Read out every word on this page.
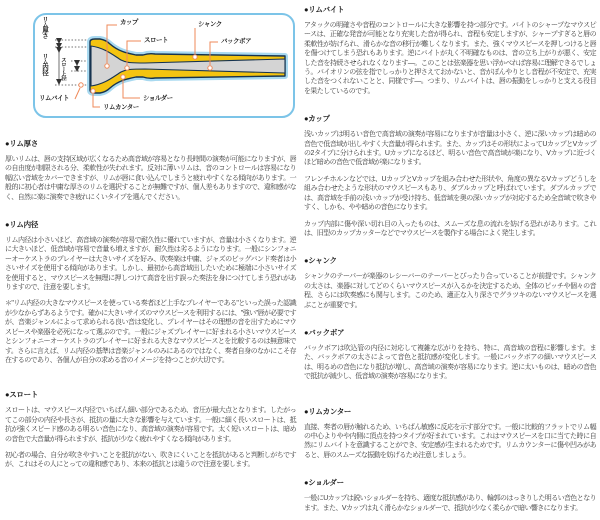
カップ	シャンク
スロート	バックボア
リムバイト	ショルダー
リムカンター
リム厚さ
リム内径 スロート径
●リム厚さ

厚いリムは、唇の支持区域が広くなるため高音域が容易となり長時間の演奏が可能になりますが、唇の自由度が制限される分、柔軟性が失われます。反対に薄いリムは、音のコントロールは容易になり幅広い音域をカバーできますが、リムが唇に食い込んでしまうと疲れやすくなる傾向があります。一般的に初心者は中庸な厚さのリムを選択することが無難ですが、個人差もありますので、違和感がなく、自然に楽に演奏でき疲れにくいタイプを選んでください。

●リム内径

リム内径は小さいほど、高音域の演奏が容易で耐久性に優れていますが、音量は小さくなります。逆に大きいほど、低音域が容易で音量も増えますが、耐久性は劣るようになります。一般にシンフォニーオーケストラのプレイヤーは大きいサイズを好み、吹奏楽は中庸、ジャズのビッグバンド奏者は小さいサイズを使用する傾向があります。しかし、最初から高音域出したいために極端に小さいサイズを使用すると、マウスピースを無理に押しつけて高音を出す誤った奏法を身につけてしまう恐れがありますので、注意を要します。

＊"リム内径の大きなマウスピースを使っている奏者ほど上手なプレイヤーである"といった誤った認識が少なからずあるようです。確かに大きいサイズのマウスピースを利用するには、"強い"唇が必要ですが、音楽ジャンルによって求められる良い音は変化し、プレイヤーはその理想の音を出すためにマウスピースや楽器を必死になって選ぶのです。一般にジャズプレイヤーに好まれる小さいマウスピースとシンフォニーオーケストラのプレイヤーに好まれる大きなマウスピースとを比較するのは無意味です。さらに言えば、リム内径の基準は音楽ジャンルのみにあるのではなく、奏者自身のなかにこそ存在するのであり、各個人が自分の求める音のイメージを持つことが大切です。

●スロート

スロートは、マウスピース内径でいちばん細い部分であるため、音圧が最大点となります。したがってこの部分の内径や長さが、抵抗の量に大きな影響を与えています。一般に細く長いスロートは、抵抗が強くスピード感のある明るい音色になり、高音域の演奏が容易です。太く短いスロートは、暗めの音色で大音量が得られますが、抵抗が少なく疲れやすくなる傾向があります。

初心者の場合、自分が吹きやすいことを抵抗がない、吹きにくいことを抵抗があると判断しがちですが、これはその人にとっての違和感であり、本来の抵抗とは違うので注意を要します。

●リムバイト

アタックの明確さや音程のコントロールに大きな影響を持つ部分です。バイトのシャープなマウスピースは、正確な発音が可能となり充実した音が得られ、音程も安定しますが、シャープすぎると唇の柔軟性が妨げられ、滑らかな音の移行が難しくなります。また、強くマウスピースを押しつけると唇を傷つけてしまう恐れもあります。逆にバイトが丸く不明確なものは、音の立ち上がりが悪く、安定した音を持続させられなくなります―。このことは弦楽器を思い浮かべれば容易に理解できるでしょう。バイオリンの弦を指でしっかりと押さえておかないと、音がぼんやりとし音程が不安定で、充実した音をつくれないことと、同様です―。つまり、リムバイトは、唇の振動をしっかりと支える役目を果たしているのです。

●カップ

浅いカップは明るい音色で高音域の演奏が容易になりますが音量は小さく、逆に深いカップは暗めの音色で低音域が出しやすく大音量が得られます。また、カップはその形状によってUカップとVカップの2タイプに分けられます。Uカップになるほど、明るい音色で高音域が楽になり、Vカップに近づくほど暗めの音色で低音域が楽になります。

フレンチホルンなどでは、UカップとVカップを組み合わせた形状や、角度の異なるVカップどうしを組み合わせたような形状のマウスピースもあり、ダブルカップと呼ばれています。ダブルカップでは、高音域を手前の浅いカップが受け持ち、低音域を奥の深いカップが対応するため全音域で吹きやすく、しかも、やや暗めの音色になります。

カップ内部に傷や深い切れ目の入ったものは、スムーズな息の流れを妨げる恐れがあります。これは、旧型のカップカッターなどでマウスピースを製作する場合によく発生します。

●シャンク

シャンクのテーパーが楽器のレシーバーのテーパーとぴったり合っていることが前提です。シャンクの太さは、楽器に対してどのくらいマウスピースが入るかを決定するため、全体のピッチや個々の音程、さらには吹奏感にも関与します。このため、適正な入り深さでグラツキのないマウスピースを選ぶことが重要です。

●バックボア

バックボアは吹込管の内径に対応して複雑な広がりを持ち、特に、高音域の音程に影響します。また、バックボアの太さによって音色と抵抗感が変化します。一般にバックボアの細いマウスピースは、明るめの音色になり抵抗が増し、高音域の演奏が容易になります。逆に太いものは、暗めの音色で抵抗が減少し、低音域の演奏が容易になります。

●リムカンター

直接、奏者の唇が触れるため、いちばん敏感に反応を示す部分です。一般に比較的フラットでリム幅の中心よりやや内側に頂点を持つタイプが好まれています。これはマウスピースを口に当てた時に自然にリムバイトを意識することができ、安定感が生まれるためです。リムカウンターに傷や凹みがあると、唇のスムーズな振動を妨げるため注意しましょう。

●ショルダー

一般にUカップは鋭いショルダーを持ち、適度な抵抗感があり、輪郭のはっきりした明るい音色となります。また、Vカップは丸く滑らかなショルダーで、抵抗が少なく柔らかで暗い響きになります。
